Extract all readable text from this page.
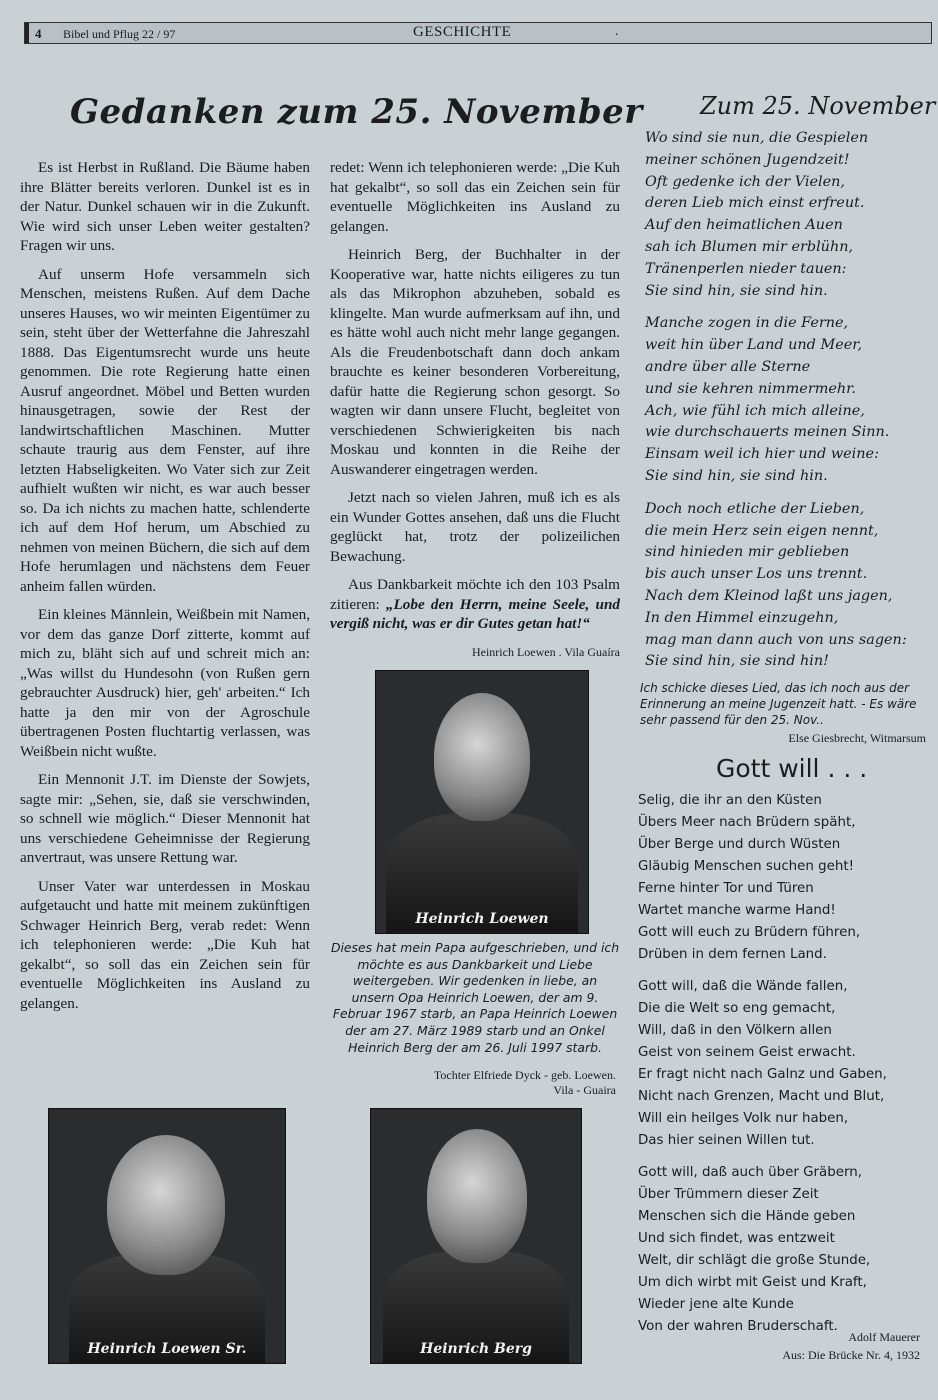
4 Bibel und Pflug 22 / 97	GESCHICHTE	.
Gedanken zum 25. November

Es ist Herbst in Rußland. Die Bäume haben ihre Blätter bereits verloren. Dunkel ist es in der Natur. Dunkel schauen wir in die Zukunft. Wie wird sich unser Leben weiter gestalten? Fragen wir uns.

Auf unserm Hofe versammeln sich Menschen, meistens Rußen. Auf dem Dache unseres Hauses, wo wir meinten Eigentümer zu sein, steht über der Wetterfahne die Jahreszahl 1888. Das Eigentumsrecht wurde uns heute genommen. Die rote Regierung hatte einen Ausruf angeordnet. Möbel und Betten wurden hinausgetragen, sowie der Rest der landwirtschaftlichen Maschinen. Mutter schaute traurig aus dem Fenster, auf ihre letzten Habseligkeiten. Wo Vater sich zur Zeit aufhielt wußten wir nicht, es war auch besser so. Da ich nichts zu machen hatte, schlenderte ich auf dem Hof herum, um Abschied zu nehmen von meinen Büchern, die sich auf dem Hofe herumlagen und nächstens dem Feuer anheim fallen würden.

Ein kleines Männlein, Weißbein mit Namen, vor dem das ganze Dorf zitterte, kommt auf mich zu, bläht sich auf und schreit mich an: „Was willst du Hundesohn (von Rußen gern gebrauchter Ausdruck) hier, geh' arbeiten.“ Ich hatte ja den mir von der Agroschule übertragenen Posten fluchtartig verlassen, was Weißbein nicht wußte.

Ein Mennonit J.T. im Dienste der Sowjets, sagte mir: „Sehen, sie, daß sie verschwinden, so schnell wie möglich.“ Dieser Mennonit hat uns verschiedene Geheimnisse der Regierung anvertraut, was unsere Rettung war.

Unser Vater war unterdessen in Moskau aufgetaucht und hatte mit meinem zukünftigen Schwager Heinrich Berg, verab redet: Wenn ich telephonieren werde: „Die Kuh hat gekalbt“, so soll das ein Zeichen sein für eventuelle Möglichkeiten ins Ausland zu gelangen.

redet: Wenn ich telephonieren werde: „Die Kuh hat gekalbt“, so soll das ein Zeichen sein für eventuelle Möglichkeiten ins Ausland zu gelangen.

Heinrich Berg, der Buchhalter in der Kooperative war, hatte nichts eiligeres zu tun als das Mikrophon abzuheben, sobald es klingelte. Man wurde aufmerksam auf ihn, und es hätte wohl auch nicht mehr lange gegangen. Als die Freudenbotschaft dann doch ankam brauchte es keiner besonderen Vorbereitung, dafür hatte die Regierung schon gesorgt. So wagten wir dann unsere Flucht, begleitet von verschiedenen Schwierigkeiten bis nach Moskau und konnten in die Reihe der Auswanderer eingetragen werden.

Jetzt nach so vielen Jahren, muß ich es als ein Wunder Gottes ansehen, daß uns die Flucht geglückt hat, trotz der polizeilichen Bewachung.

Aus Dankbarkeit möchte ich den 103 Psalm zitieren: „Lobe den Herrn, meine Seele, und vergiß nicht, was er dir Gutes getan hat!“

Heinrich Loewen . Vila Guaíra

Heinrich Loewen
Dieses hat mein Papa aufgeschrieben, und ich möchte es aus Dankbarkeit und Liebe weitergeben. Wir gedenken in liebe, an unsern Opa Heinrich Loewen, der am 9. Februar 1967 starb, an Papa Heinrich Loewen der am 27. März 1989 starb und an Onkel Heinrich Berg der am 26. Juli 1997 starb.
Tochter Elfriede Dyck - geb. Loewen.
Vila - Guaira
Heinrich Loewen Sr.	Heinrich Berg
Zum 25. November
Wo sind sie nun, die Gespielen
meiner schönen Jugendzeit!
Oft gedenke ich der Vielen,
deren Lieb mich einst erfreut.
Auf den heimatlichen Auen
sah ich Blumen mir erblühn,
Tränenperlen nieder tauen:
Sie sind hin, sie sind hin.
Manche zogen in die Ferne,
weit hin über Land und Meer,
andre über alle Sterne
und sie kehren nimmermehr.
Ach, wie fühl ich mich alleine,
wie durchschauerts meinen Sinn.
Einsam weil ich hier und weine:
Sie sind hin, sie sind hin.
Doch noch etliche der Lieben,
die mein Herz sein eigen nennt,
sind hinieden mir geblieben
bis auch unser Los uns trennt.
Nach dem Kleinod laßt uns jagen,
In den Himmel einzugehn,
mag man dann auch von uns sagen:
Sie sind hin, sie sind hin!
Ich schicke dieses Lied, das ich noch aus der Erinnerung an meine Jugenzeit hatt. - Es wäre sehr passend für den 25. Nov..
Else Giesbrecht, Witmarsum
Gott will . . .
Selig, die ihr an den Küsten
Übers Meer nach Brüdern späht,
Über Berge und durch Wüsten
Gläubig Menschen suchen geht!
Ferne hinter Tor und Türen
Wartet manche warme Hand!
Gott will euch zu Brüdern führen,
Drüben in dem fernen Land.
Gott will, daß die Wände fallen,
Die die Welt so eng gemacht,
Will, daß in den Völkern allen
Geist von seinem Geist erwacht.
Er fragt nicht nach Galnz und Gaben,
Nicht nach Grenzen, Macht und Blut,
Will ein heilges Volk nur haben,
Das hier seinen Willen tut.
Gott will, daß auch über Gräbern,
Über Trümmern dieser Zeit
Menschen sich die Hände geben
Und sich findet, was entzweit
Welt, dir schlägt die große Stunde,
Um dich wirbt mit Geist und Kraft,
Wieder jene alte Kunde
Von der wahren Bruderschaft.
Adolf Mauerer
Aus: Die Brücke Nr. 4, 1932
